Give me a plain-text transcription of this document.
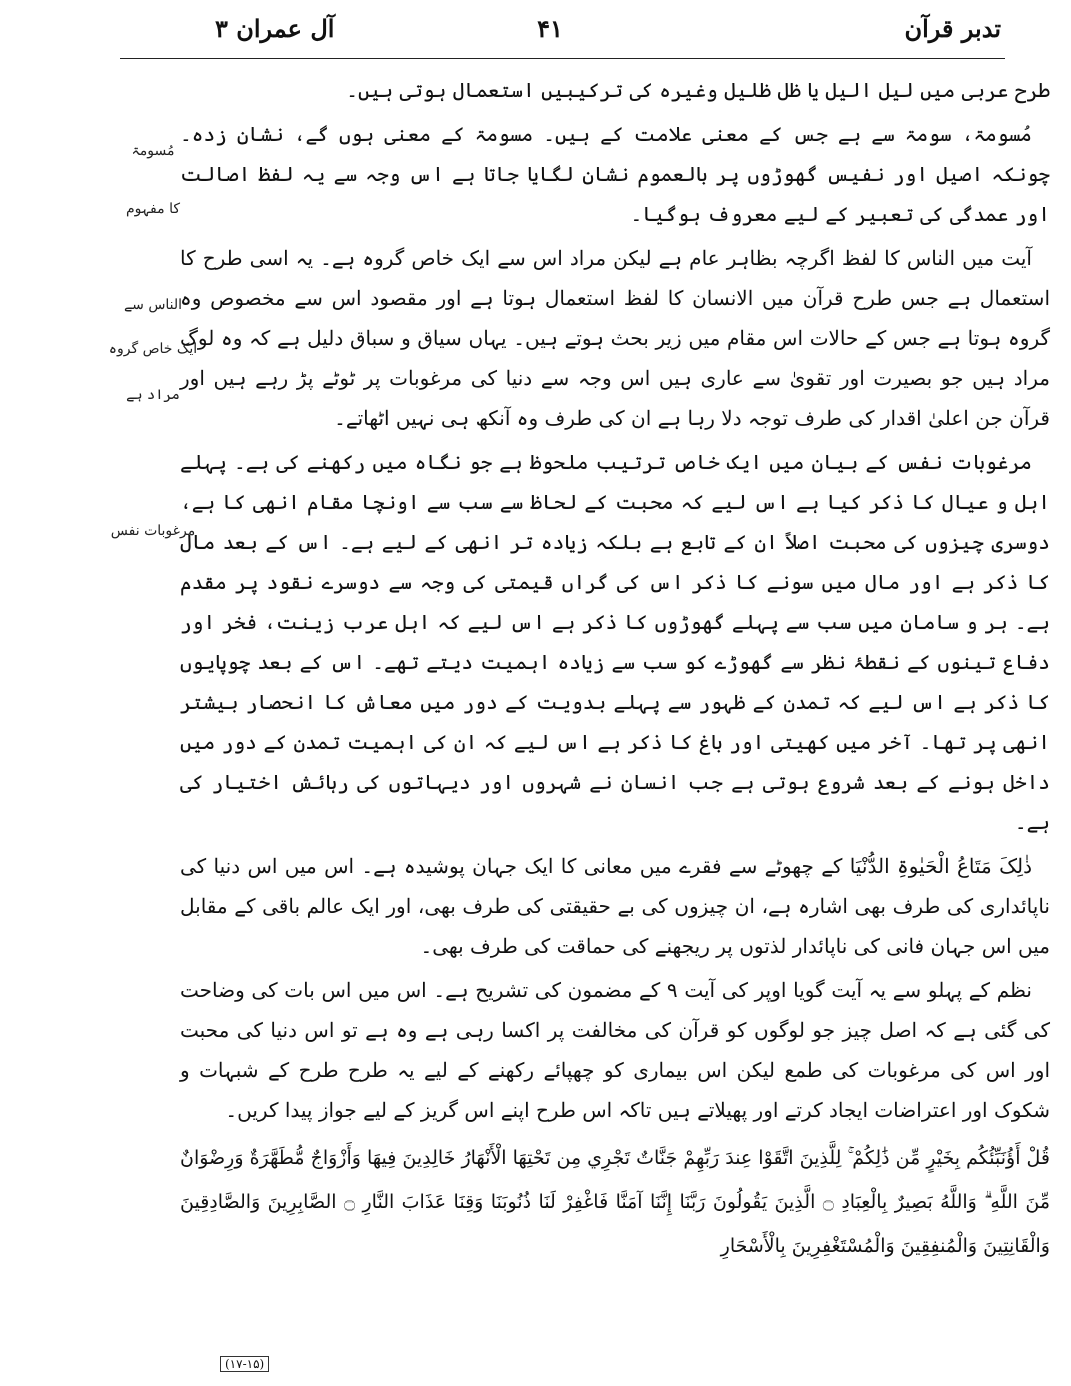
تدبر قرآن
۴۱
آل عمران ۳
مُسومۃ
کا مفہوم
الناس سے
ایک خاص گروہ
مراد ہے
مرغوبات نفس

طرح عربی میں لیل الیل یا ظل ظلیل وغیرہ کی ترکیبیں استعمال ہوتی ہیں۔

مُسومۃ، سومۃ سے ہے جس کے معنی علامت کے ہیں۔ مسومۃ کے معنی ہوں گے، نشان زدہ۔ چونکہ اصیل اور نفیس گھوڑوں پر بالعموم نشان لگایا جاتا ہے اس وجہ سے یہ لفظ اصالت اور عمدگی کی تعبیر کے لیے معروف ہوگیا۔

آیت میں الناس کا لفظ اگرچہ بظاہر عام ہے لیکن مراد اس سے ایک خاص گروہ ہے۔ یہ اسی طرح کا استعمال ہے جس طرح قرآن میں الانسان کا لفظ استعمال ہوتا ہے اور مقصود اس سے مخصوص وہ گروہ ہوتا ہے جس کے حالات اس مقام میں زیر بحث ہوتے ہیں۔ یہاں سیاق و سباق دلیل ہے کہ وہ لوگ مراد ہیں جو بصیرت اور تقویٰ سے عاری ہیں اس وجہ سے دنیا کی مرغوبات پر ٹوٹے پڑ رہے ہیں اور قرآن جن اعلیٰ اقدار کی طرف توجہ دلا رہا ہے ان کی طرف وہ آنکھ ہی نہیں اٹھاتے۔

مرغوبات نفس کے بیان میں ایک خاص ترتیب ملحوظ ہے جو نگاہ میں رکھنے کی ہے۔ پہلے اہل و عیال کا ذکر کیا ہے اس لیے کہ محبت کے لحاظ سے سب سے اونچا مقام انھی کا ہے، دوسری چیزوں کی محبت اصلاً ان کے تابع ہے بلکہ زیادہ تر انھی کے لیے ہے۔ اس کے بعد مال کا ذکر ہے اور مال میں سونے کا ذکر اس کی گراں قیمتی کی وجہ سے دوسرے نقود پر مقدم ہے۔ ہر و سامان میں سب سے پہلے گھوڑوں کا ذکر ہے اس لیے کہ اہل عرب زینت، فخر اور دفاع تینوں کے نقطۂ نظر سے گھوڑے کو سب سے زیادہ اہمیت دیتے تھے۔ اس کے بعد چوپایوں کا ذکر ہے اس لیے کہ تمدن کے ظہور سے پہلے بدویت کے دور میں معاش کا انحصار بیشتر انھی پر تھا۔ آخر میں کھیتی اور باغ کا ذکر ہے اس لیے کہ ان کی اہمیت تمدن کے دور میں داخل ہونے کے بعد شروع ہوتی ہے جب انسان نے شہروں اور دیہاتوں کی رہائش اختیار کی ہے۔

ذٰلِکَ مَتَاعُ الْحَیٰوۃِ الدُّنْیَا کے چھوٹے سے فقرے میں معانی کا ایک جہان پوشیدہ ہے۔ اس میں اس دنیا کی ناپائداری کی طرف بھی اشارہ ہے، ان چیزوں کی بے حقیقتی کی طرف بھی، اور ایک عالم باقی کے مقابل میں اس جہان فانی کی ناپائدار لذتوں پر ریجھنے کی حماقت کی طرف بھی۔

نظم کے پہلو سے یہ آیت گویا اوپر کی آیت ۹ کے مضمون کی تشریح ہے۔ اس میں اس بات کی وضاحت کی گئی ہے کہ اصل چیز جو لوگوں کو قرآن کی مخالفت پر اکسا رہی ہے وہ ہے تو اس دنیا کی محبت اور اس کی مرغوبات کی طمع لیکن اس بیماری کو چھپائے رکھنے کے لیے یہ طرح طرح کے شبہات و شکوک اور اعتراضات ایجاد کرتے اور پھیلاتے ہیں تاکہ اس طرح اپنے اس گریز کے لیے جواز پیدا کریں۔

قُلْ أَؤُنَبِّئُكُم بِخَيْرٍ مِّن ذَٰلِكُمْ ۚ لِلَّذِينَ اتَّقَوْا عِندَ رَبِّهِمْ جَنَّاتٌ تَجْرِي مِن تَحْتِهَا الْأَنْهَارُ خَالِدِينَ فِيهَا وَأَزْوَاجٌ مُّطَهَّرَةٌ وَرِضْوَانٌ مِّنَ اللَّهِ ۗ وَاللَّهُ بَصِيرٌ بِالْعِبَادِ ۝ الَّذِينَ يَقُولُونَ رَبَّنَا إِنَّنَا آمَنَّا فَاغْفِرْ لَنَا ذُنُوبَنَا وَقِنَا عَذَابَ النَّارِ ۝ الصَّابِرِينَ وَالصَّادِقِينَ وَالْقَانِتِينَ وَالْمُنفِقِينَ وَالْمُسْتَغْفِرِينَ بِالْأَسْحَارِ

(۱۷-۱۵)
